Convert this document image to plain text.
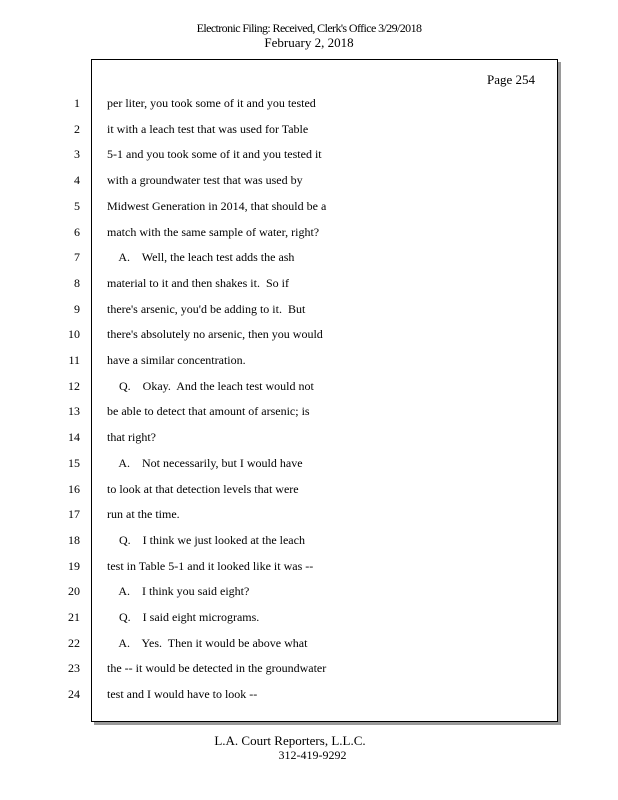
Electronic Filing: Received, Clerk's Office 3/29/2018
February 2, 2018
Page 254
1 per liter, you took some of it and you tested
2 it with a leach test that was used for Table
3 5-1 and you took some of it and you tested it
4 with a groundwater test that was used by
5 Midwest Generation in 2014, that should be a
6 match with the same sample of water, right?
7 A.    Well, the leach test adds the ash
8 material to it and then shakes it.  So if
9 there's arsenic, you'd be adding to it.  But
10 there's absolutely no arsenic, then you would
11 have a similar concentration.
12 Q.    Okay.  And the leach test would not
13 be able to detect that amount of arsenic; is
14 that right?
15 A.    Not necessarily, but I would have
16 to look at that detection levels that were
17 run at the time.
18 Q.    I think we just looked at the leach
19 test in Table 5-1 and it looked like it was --
20 A.    I think you said eight?
21 Q.    I said eight micrograms.
22 A.    Yes.  Then it would be above what
23 the -- it would be detected in the groundwater
24 test and I would have to look --
L.A. Court Reporters, L.L.C.
312-419-9292
